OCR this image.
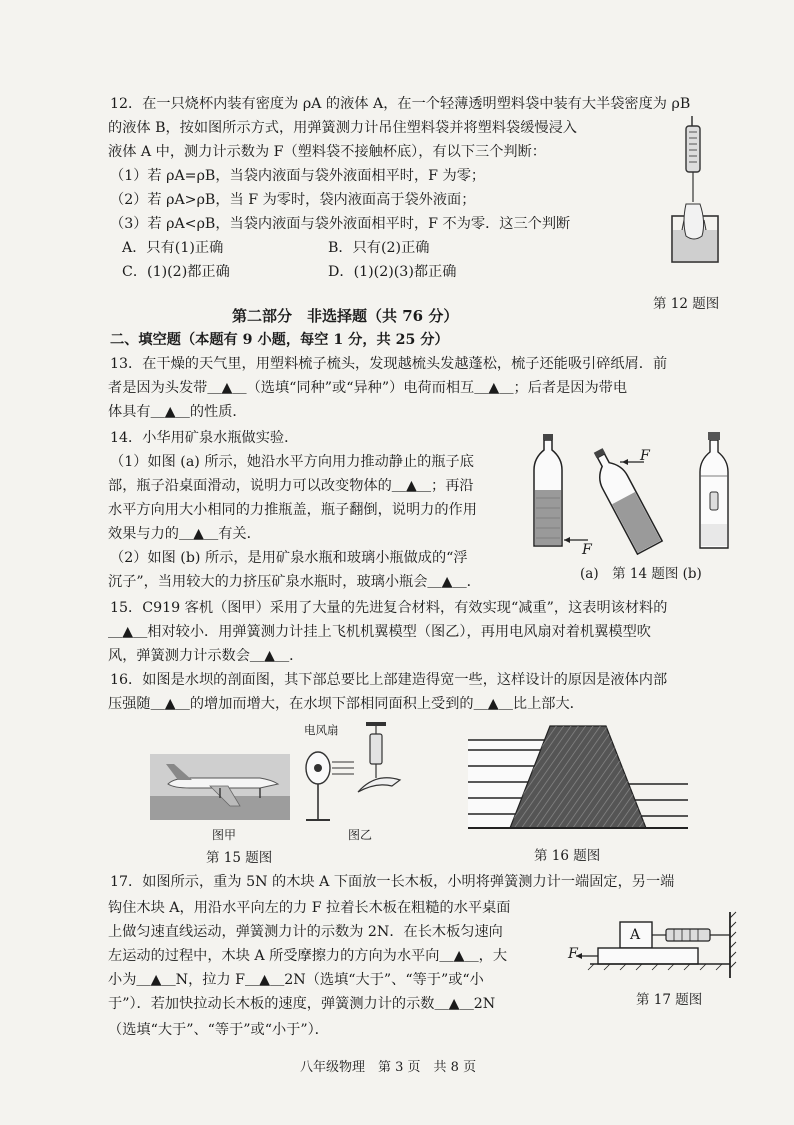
12．在一只烧杯内装有密度为 ρA 的液体 A，在一个轻薄透明塑料袋中装有大半袋密度为 ρB
的液体 B，按如图所示方式，用弹簧测力计吊住塑料袋并将塑料袋缓慢浸入
液体 A 中，测力计示数为 F（塑料袋不接触杯底），有以下三个判断：
（1）若 ρA=ρB，当袋内液面与袋外液面相平时，F 为零；
（2）若 ρA>ρB，当 F 为零时，袋内液面高于袋外液面；
（3）若 ρA<ρB，当袋内液面与袋外液面相平时，F 不为零．这三个判断
A．只有(1)正确	B．只有(2)正确
C．(1)(2)都正确	D．(1)(2)(3)都正确
第 12 题图
第二部分　非选择题（共 76 分）
二、填空题（本题有 9 小题，每空 1 分，共 25 分）
13．在干燥的天气里，用塑料梳子梳头，发现越梳头发越蓬松，梳子还能吸引碎纸屑．前
者是因为头发带＿▲＿（选填“同种”或“异种”）电荷而相互＿▲＿；后者是因为带电
体具有＿▲＿的性质．
14．小华用矿泉水瓶做实验．
（1）如图 (a) 所示，她沿水平方向用力推动静止的瓶子底
部，瓶子沿桌面滑动，说明力可以改变物体的＿▲＿；再沿
水平方向用大小相同的力推瓶盖，瓶子翻倒，说明力的作用
效果与力的＿▲＿有关．
（2）如图 (b) 所示，是用矿泉水瓶和玻璃小瓶做成的“浮
沉子”，当用较大的力挤压矿泉水瓶时，玻璃小瓶会＿▲＿．
F
F
(a)　第 14 题图 (b)
15．C919 客机（图甲）采用了大量的先进复合材料，有效实现“减重”，这表明该材料的
＿▲＿相对较小．用弹簧测力计挂上飞机机翼模型（图乙），再用电风扇对着机翼模型吹
风，弹簧测力计示数会＿▲＿．
16．如图是水坝的剖面图，其下部总要比上部建造得宽一些，这样设计的原因是液体内部
压强随＿▲＿的增加而增大，在水坝下部相同面积上受到的＿▲＿比上部大．
图甲
电风扇
图乙
第 15 题图	第 16 题图
17．如图所示，重为 5N 的木块 A 下面放一长木板，小明将弹簧测力计一端固定，另一端
钩住木块 A，用沿水平向左的力 F 拉着长木板在粗糙的水平桌面
上做匀速直线运动，弹簧测力计的示数为 2N．在长木板匀速向
左运动的过程中，木块 A 所受摩擦力的方向为水平向＿▲＿，大
小为＿▲＿N，拉力 F＿▲＿2N（选填“大于”、“等于”或“小
于”）．若加快拉动长木板的速度，弹簧测力计的示数＿▲＿2N
（选填“大于”、“等于”或“小于”）．
A
F
第 17 题图
八年级物理　第 3 页　共 8 页
